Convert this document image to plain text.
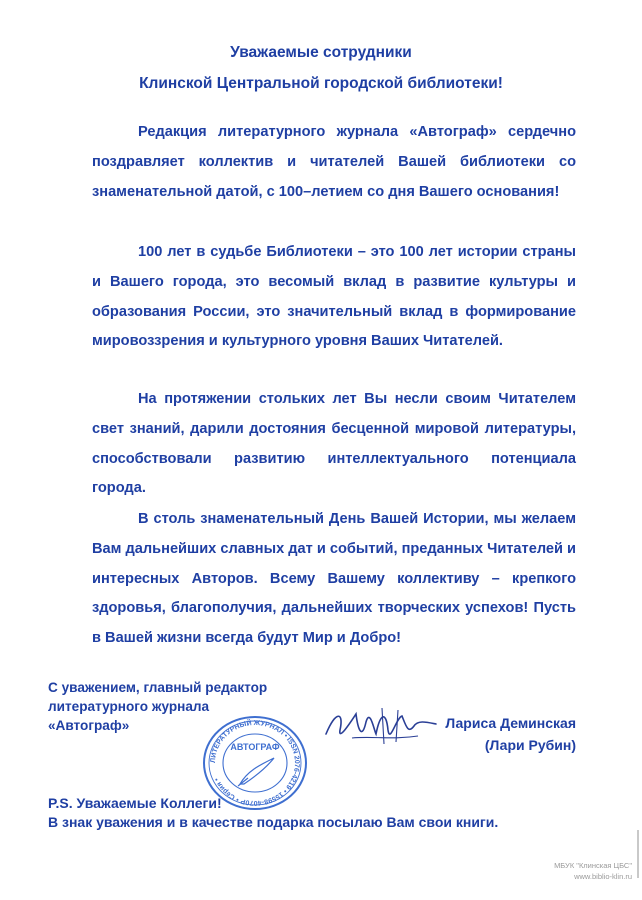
Уважаемые сотрудники
Клинской Центральной городской библиотеки!

Редакция литературного журнала «Автограф» сердечно поздравляет коллектив и читателей Вашей библиотеки со знаменательной датой, с 100–летием со дня Вашего основания!

100 лет в судьбе Библиотеки – это 100 лет истории страны и Вашего города, это весомый вклад в развитие культуры и образования России, это значительный вклад в формирование мировоззрения и культурного уровня Ваших Читателей.

На протяжении стольких лет Вы несли своим Читателем свет знаний, дарили достояния бесценной мировой литературы, способствовали развитию интеллектуального потенциала города.

В столь знаменательный День Вашей Истории, мы желаем Вам дальнейших славных дат и событий, преданных Читателей и интересных Авторов. Всему Вашему коллективу – крепкого здоровья, благополучия, дальнейших творческих успехов! Пусть в Вашей жизни всегда будут Мир и Добро!

С уважением, главный редактор
литературного журнала
«Автограф»	Лариса Деминская
(Лари Рубин)
ЛИТЕРАТУРНЫЙ ЖУРНАЛ • ISSN 2076-4219 • 15598-4070Р • Серия •
АВТОГРАФ
P.S. Уважаемые Коллеги!
В знак уважения и в качестве подарка посылаю Вам свои книги.
МБУК "Клинская ЦБС"
www.biblio-klin.ru
